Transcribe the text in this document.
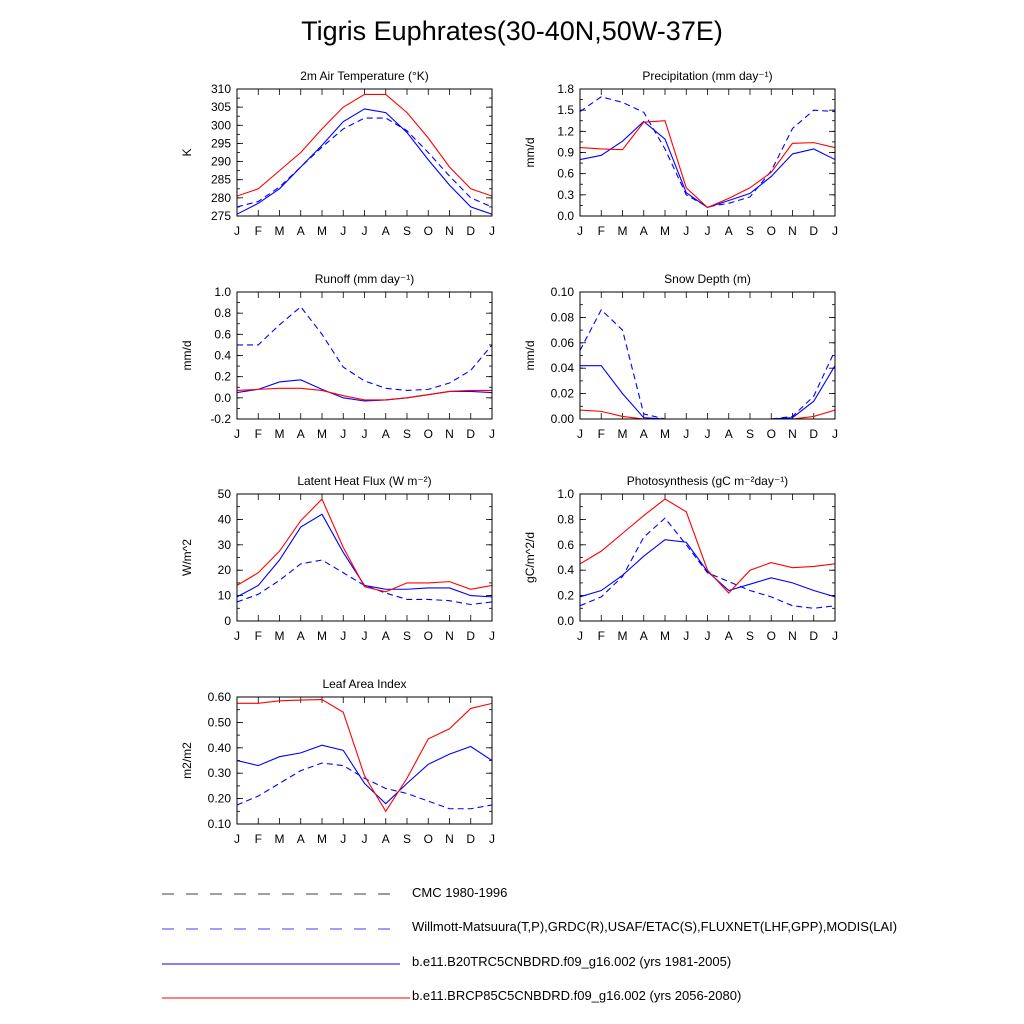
Tigris Euphrates(30-40N,50W-37E)
2m Air Temperature (°K)
K
275
280
285
290
295
300
305
310
J F M A M J J A S O N D J
Precipitation (mm day⁻¹)
mm/d
0.0
0.3
0.6
0.9
1.2
1.5
1.8
J F M A M J J A S O N D J
Runoff (mm day⁻¹)
mm/d
-0.2
0.0
0.2
0.4
0.6
0.8
1.0
J F M A M J J A S O N D J
Snow Depth (m)
mm/d
0.00
0.02
0.04
0.06
0.08
0.10
J F M A M J J A S O N D J
Latent Heat Flux (W m⁻²)
W/m^2
0
10
20
30
40
50
J F M A M J J A S O N D J
Photosynthesis (gC m⁻²day⁻¹)
gC/m^2/d
0.0
0.2
0.4
0.6
0.8
1.0
J F M A M J J A S O N D J
Leaf Area Index
m2/m2
0.10
0.20
0.30
0.40
0.50
0.60
J F M A M J J A S O N D J
CMC 1980-1996
Willmott-Matsuura(T,P),GRDC(R),USAF/ETAC(S),FLUXNET(LHF,GPP),MODIS(LAI)
b.e11.B20TRC5CNBDRD.f09_g16.002 (yrs 1981-2005)
b.e11.BRCP85C5CNBDRD.f09_g16.002 (yrs 2056-2080)
